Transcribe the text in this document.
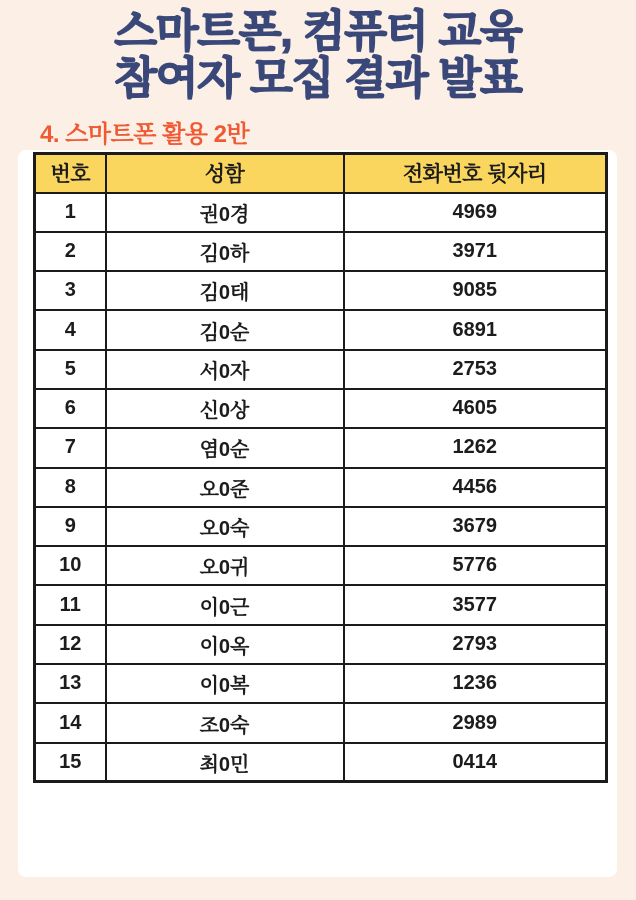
스마트폰, 컴퓨터 교육
참여자 모집 결과 발표
4. 스마트폰 활용 2반
번호	성함	전화번호 뒷자리
1	권0경	4969
2	김0하	3971
3	김0태	9085
4	김0순	6891
5	서0자	2753
6	신0상	4605
7	염0순	1262
8	오0준	4456
9	오0숙	3679
10	오0귀	5776
11	이0근	3577
12	이0옥	2793
13	이0복	1236
14	조0숙	2989
15	최0민	0414
